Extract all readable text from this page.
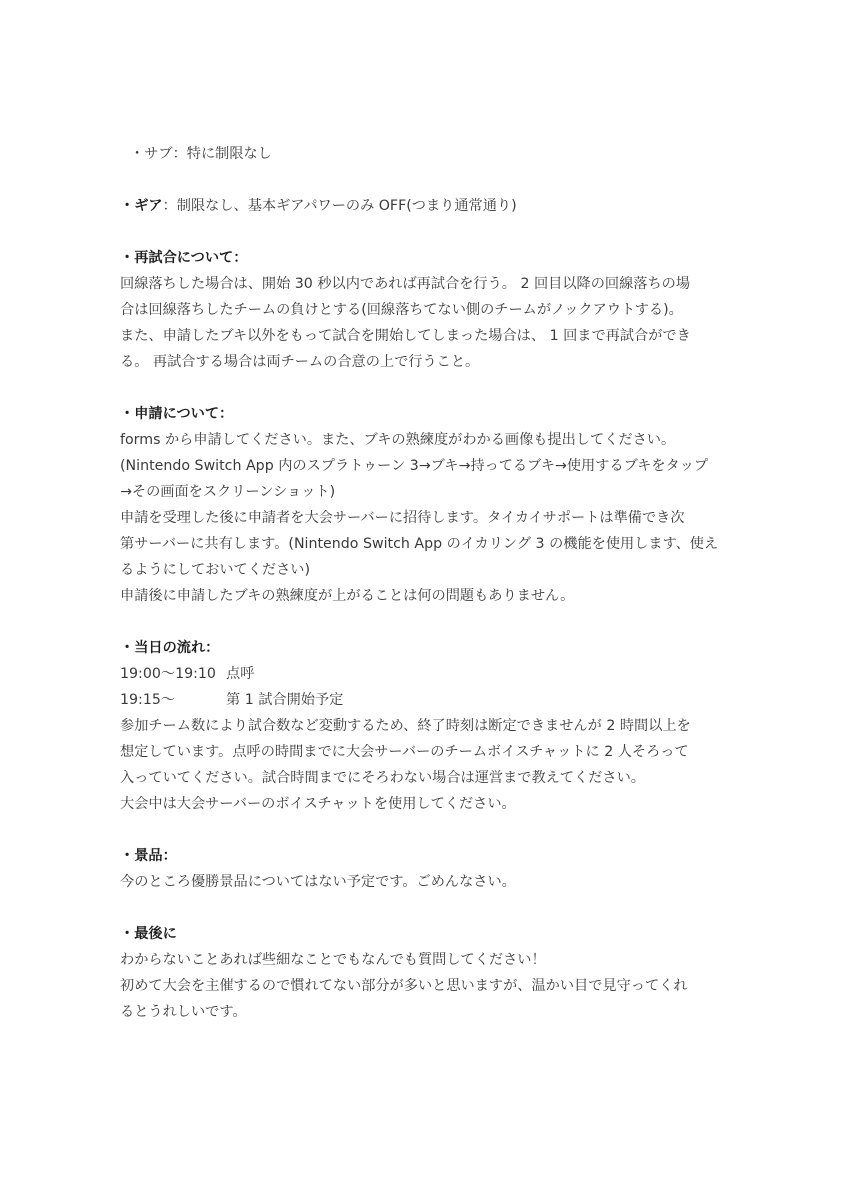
・サブ：特に制限なし
・ギア：制限なし、基本ギアパワーのみ OFF(つまり通常通り)
・再試合について：
回線落ちした場合は、開始 30 秒以内であれば再試合を行う。 2 回目以降の回線落ちの場
合は回線落ちしたチームの負けとする(回線落ちてない側のチームがノックアウトする)。
また、申請したブキ以外をもって試合を開始してしまった場合は、 1 回まで再試合ができ
る。 再試合する場合は両チームの合意の上で行うこと。
・申請について：
forms から申請してください。また、ブキの熟練度がわかる画像も提出してください。
(Nintendo Switch App 内のスプラトゥーン 3→ブキ→持ってるブキ→使用するブキをタップ
→その画面をスクリーンショット)
申請を受理した後に申請者を大会サーバーに招待します。タイカイサポートは準備でき次
第サーバーに共有します。(Nintendo Switch App のイカリング 3 の機能を使用します、使え
るようにしておいてください)
申請後に申請したブキの熟練度が上がることは何の問題もありません。
・当日の流れ：
19:00〜19:10 点呼
19:15〜	第 1 試合開始予定
参加チーム数により試合数など変動するため、終了時刻は断定できませんが 2 時間以上を
想定しています。点呼の時間までに大会サーバーのチームボイスチャットに 2 人そろって
入っていてください。試合時間までにそろわない場合は運営まで教えてください。
大会中は大会サーバーのボイスチャットを使用してください。
・景品：
今のところ優勝景品についてはない予定です。ごめんなさい。
・最後に
わからないことあれば些細なことでもなんでも質問してください！
初めて大会を主催するので慣れてない部分が多いと思いますが、温かい目で見守ってくれ
るとうれしいです。
